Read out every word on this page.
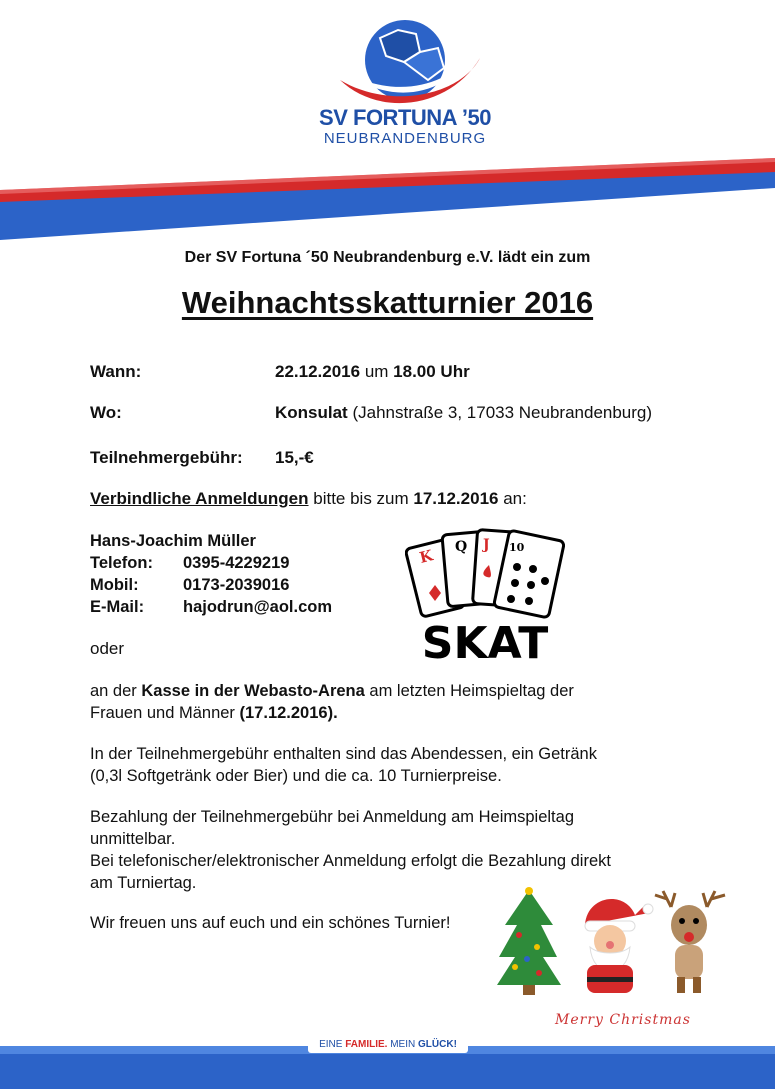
SV FORTUNA ’50
NEUBRANDENBURG
Der SV Fortuna ´50 Neubrandenburg e.V. lädt ein zum
Weihnachtsskatturnier 2016
Wann:	22.12.2016 um 18.00 Uhr
Wo:	Konsulat (Jahnstraße 3, 17033 Neubrandenburg)
Teilnehmergebühr: 15,-€
Verbindliche Anmeldungen bitte bis zum 17.12.2016 an:
Hans-Joachim Müller
Telefon: 0395-4229219
Mobil:	0173-2039016
E-Mail: hajodrun@aol.com
oder
K Q J 10
SKAT
an der Kasse in der Webasto-Arena am letzten Heimspieltag der
Frauen und Männer (17.12.2016).
In der Teilnehmergebühr enthalten sind das Abendessen, ein Getränk
(0,3l Softgetränk oder Bier) und die ca. 10 Turnierpreise.
Bezahlung der Teilnehmergebühr bei Anmeldung am Heimspieltag
unmittelbar.
Bei telefonischer/elektronischer Anmeldung erfolgt die Bezahlung direkt
am Turniertag.
Wir freuen uns auf euch und ein schönes Turnier!
Merry Christmas
EINE FAMILIE. MEIN GLÜCK!
